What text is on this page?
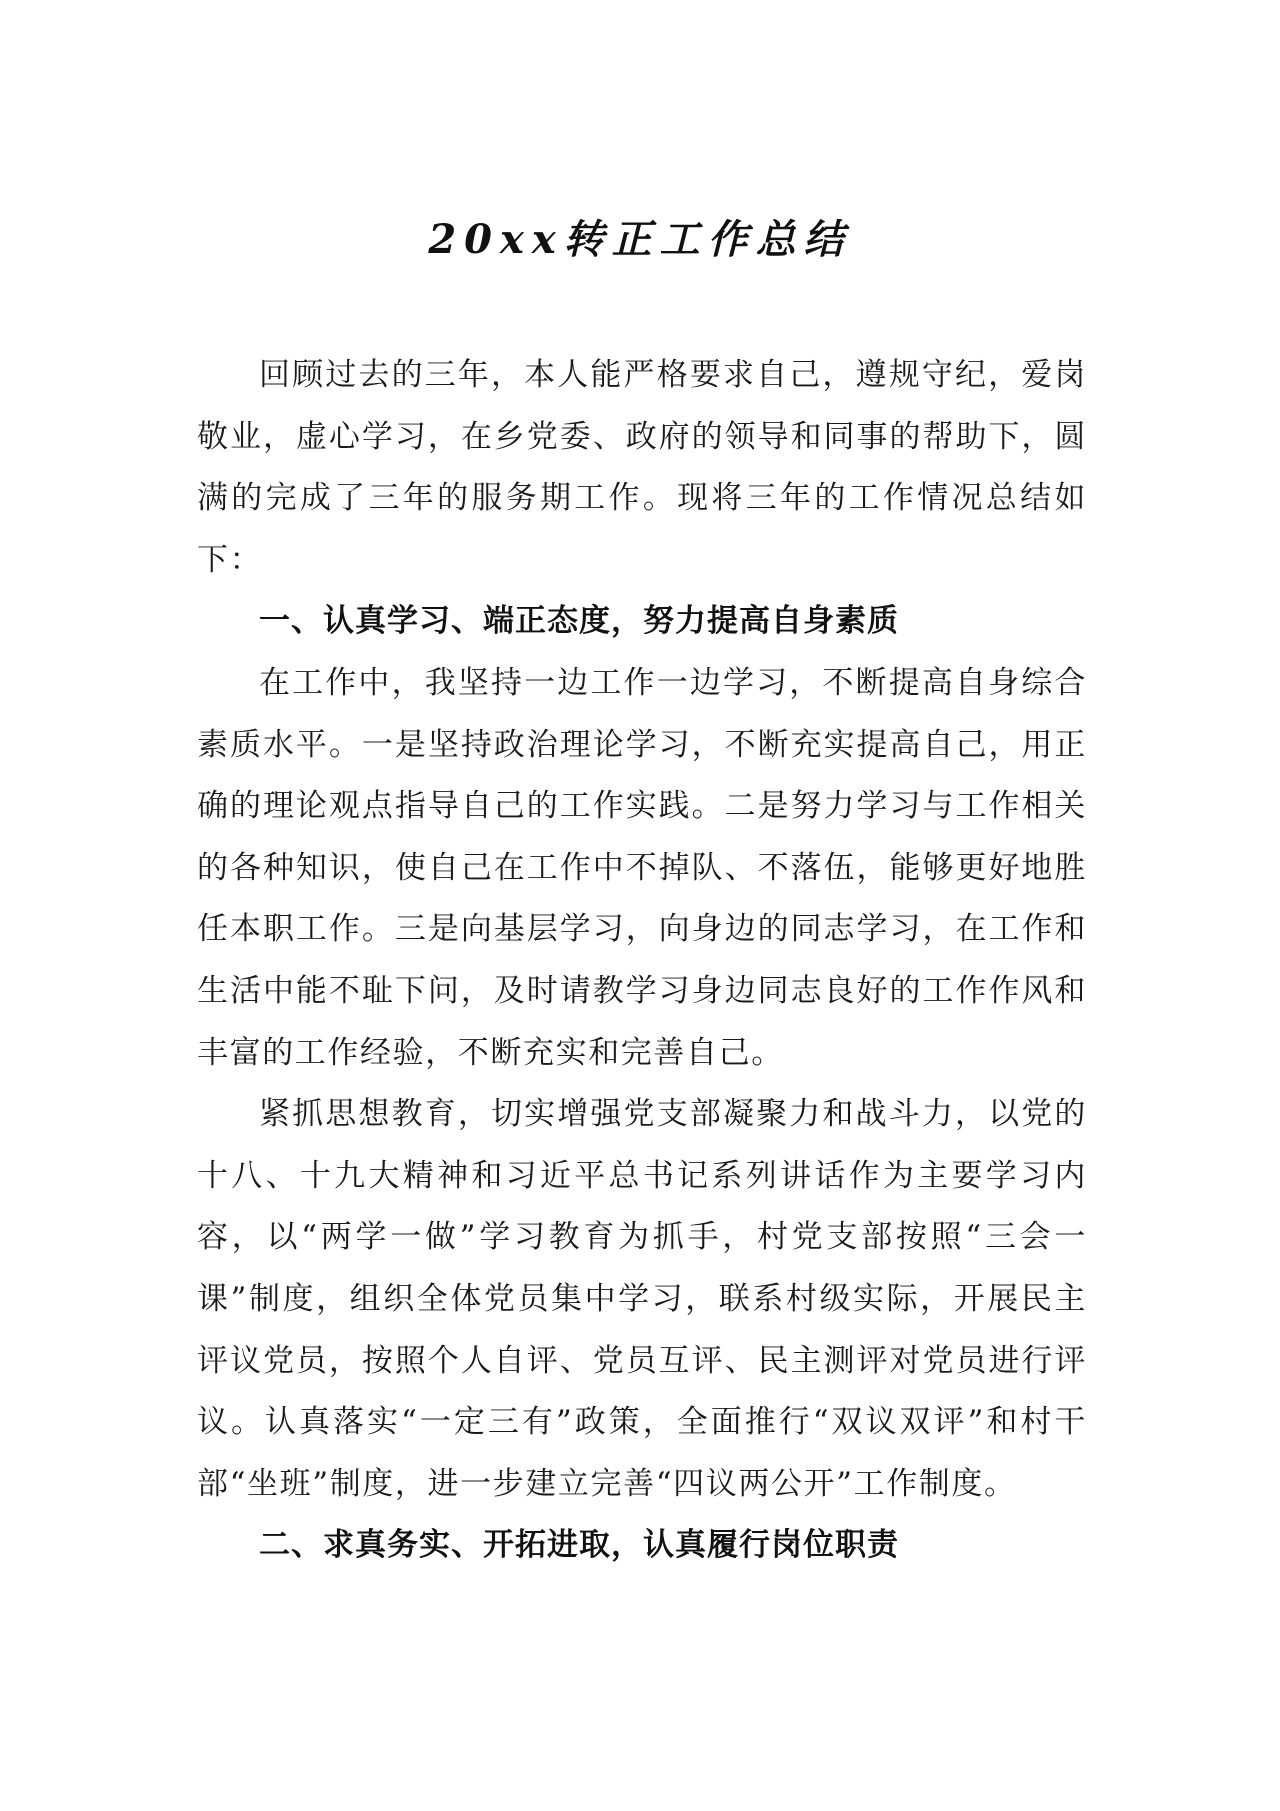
20xx转正工作总结

回顾过去的三年，本人能严格要求自己，遵规守纪，爱岗敬业，虚心学习，在乡党委、政府的领导和同事的帮助下，圆满的完成了三年的服务期工作。现将三年的工作情况总结如下：

一、认真学习、端正态度，努力提高自身素质

在工作中，我坚持一边工作一边学习，不断提高自身综合素质水平。一是坚持政治理论学习，不断充实提高自己，用正确的理论观点指导自己的工作实践。二是努力学习与工作相关的各种知识，使自己在工作中不掉队、不落伍，能够更好地胜任本职工作。三是向基层学习，向身边的同志学习，在工作和生活中能不耻下问，及时请教学习身边同志良好的工作作风和丰富的工作经验，不断充实和完善自己。

紧抓思想教育，切实增强党支部凝聚力和战斗力，以党的十八、十九大精神和习近平总书记系列讲话作为主要学习内容，以“两学一做”学习教育为抓手，村党支部按照“三会一课”制度，组织全体党员集中学习，联系村级实际，开展民主评议党员，按照个人自评、党员互评、民主测评对党员进行评议。认真落实“一定三有”政策，全面推行“双议双评”和村干部“坐班”制度，进一步建立完善“四议两公开”工作制度。

二、求真务实、开拓进取，认真履行岗位职责
